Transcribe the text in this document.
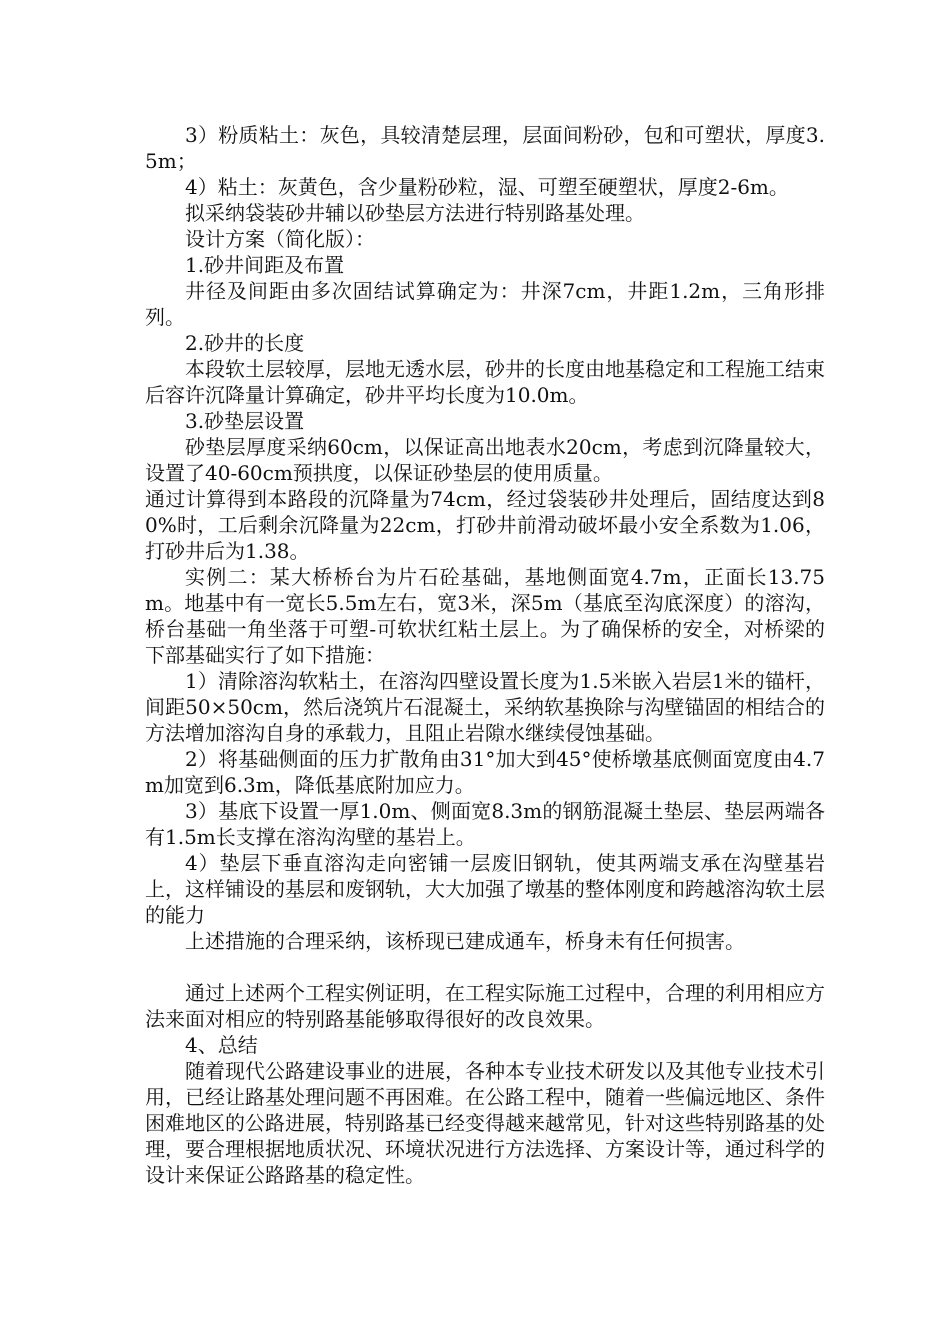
3）粉质粘土：灰色，具较清楚层理，层面间粉砂，包和可塑状，厚度3.5m；

4）粘土：灰黄色，含少量粉砂粒，湿、可塑至硬塑状，厚度2-6m。

拟采纳袋装砂井辅以砂垫层方法进行特别路基处理。

设计方案（简化版）：

1.砂井间距及布置

井径及间距由多次固结试算确定为：井深7cm，井距1.2m，三角形排列。

2.砂井的长度

本段软土层较厚，层地无透水层，砂井的长度由地基稳定和工程施工结束后容许沉降量计算确定，砂井平均长度为10.0m。

3.砂垫层设置

砂垫层厚度采纳60cm，以保证高出地表水20cm，考虑到沉降量较大，设置了40-60cm预拱度，以保证砂垫层的使用质量。

通过计算得到本路段的沉降量为74cm，经过袋装砂井处理后，固结度达到80%时，工后剩余沉降量为22cm，打砂井前滑动破坏最小安全系数为1.06，打砂井后为1.38。

实例二：某大桥桥台为片石砼基础，基地侧面宽4.7m，正面长13.75m。地基中有一宽长5.5m左右，宽3米，深5m（基底至沟底深度）的溶沟，桥台基础一角坐落于可塑-可软状红粘土层上。为了确保桥的安全，对桥梁的下部基础实行了如下措施：

1）清除溶沟软粘土，在溶沟四壁设置长度为1.5米嵌入岩层1米的锚杆，间距50×50cm，然后浇筑片石混凝土，采纳软基换除与沟壁锚固的相结合的方法增加溶沟自身的承载力，且阻止岩隙水继续侵蚀基础。

2）将基础侧面的压力扩散角由31°加大到45°使桥墩基底侧面宽度由4.7m加宽到6.3m，降低基底附加应力。

3）基底下设置一厚1.0m、侧面宽8.3m的钢筋混凝土垫层、垫层两端各有1.5m长支撑在溶沟沟壁的基岩上。

4）垫层下垂直溶沟走向密铺一层废旧钢轨，使其两端支承在沟壁基岩上，这样铺设的基层和废钢轨，大大加强了墩基的整体刚度和跨越溶沟软土层的能力

上述措施的合理采纳，该桥现已建成通车，桥身未有任何损害。

通过上述两个工程实例证明，在工程实际施工过程中，合理的利用相应方法来面对相应的特别路基能够取得很好的改良效果。

4、总结

随着现代公路建设事业的进展，各种本专业技术研发以及其他专业技术引用，已经让路基处理问题不再困难。在公路工程中，随着一些偏远地区、条件困难地区的公路进展，特别路基已经变得越来越常见，针对这些特别路基的处理，要合理根据地质状况、环境状况进行方法选择、方案设计等，通过科学的设计来保证公路路基的稳定性。
